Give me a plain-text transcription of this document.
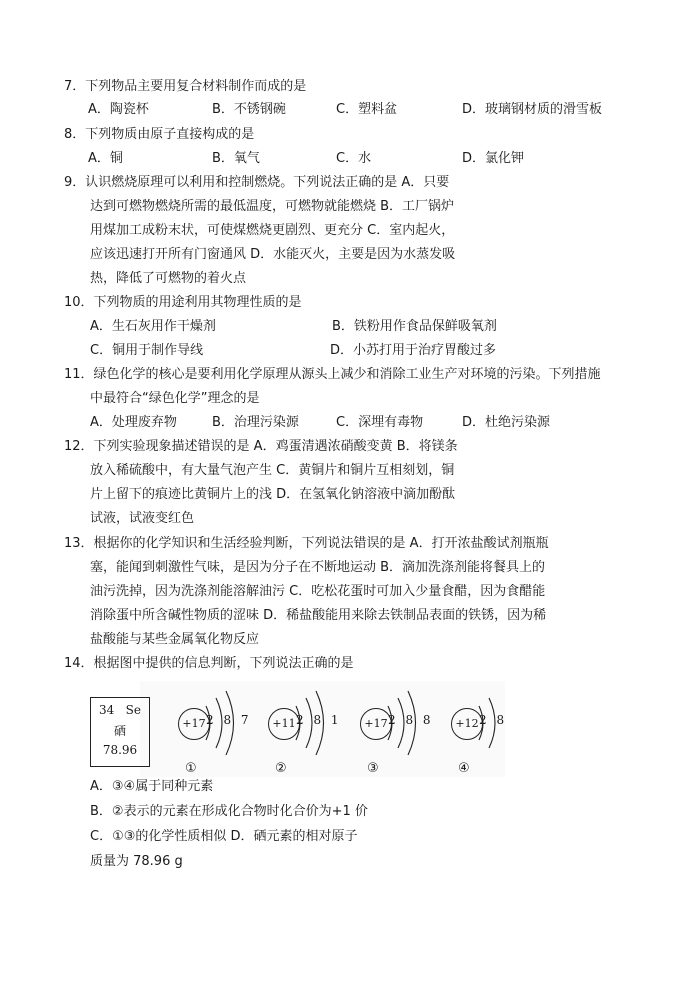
7．下列物品主要用复合材料制作而成的是
A．陶瓷杯	B．不锈钢碗	C．塑料盆	D．玻璃钢材质的滑雪板
8．下列物质由原子直接构成的是
A．铜	B．氧气	C．水	D．氯化钾
9．认识燃烧原理可以利用和控制燃烧。下列说法正确的是 A．只要
达到可燃物燃烧所需的最低温度，可燃物就能燃烧 B．工厂锅炉
用煤加工成粉末状，可使煤燃烧更剧烈、更充分 C．室内起火，
应该迅速打开所有门窗通风 D．水能灭火，主要是因为水蒸发吸
热，降低了可燃物的着火点
10．下列物质的用途利用其物理性质的是
A．生石灰用作干燥剂	B．铁粉用作食品保鲜吸氧剂
C．铜用于制作导线	D．小苏打用于治疗胃酸过多
11．绿色化学的核心是要利用化学原理从源头上减少和消除工业生产对环境的污染。下列措施
中最符合“绿色化学”理念的是
A．处理废弃物	B．治理污染源	C．深埋有毒物	D．杜绝污染源
12．下列实验现象描述错误的是 A．鸡蛋清遇浓硝酸变黄 B．将镁条
放入稀硫酸中，有大量气泡产生 C．黄铜片和铜片互相刻划，铜
片上留下的痕迹比黄铜片上的浅 D．在氢氧化钠溶液中滴加酚酞
试液，试液变红色
13．根据你的化学知识和生活经验判断，下列说法错误的是 A．打开浓盐酸试剂瓶瓶
塞，能闻到刺激性气味，是因为分子在不断地运动 B．滴加洗涤剂能将餐具上的
油污洗掉，因为洗涤剂能溶解油污 C．吃松花蛋时可加入少量食醋，因为食醋能
消除蛋中所含碱性物质的涩味 D．稀盐酸能用来除去铁制品表面的铁锈，因为稀
盐酸能与某些金属氧化物反应
14．根据图中提供的信息判断，下列说法正确的是
34 Se
硒
78.96
+17 2 8 7
①
+11 2 8 1
②
+17 2 8 8
③
+12 2 8
④
A．③④属于同种元素
B．②表示的元素在形成化合物时化合价为+1 价
C．①③的化学性质相似 D．硒元素的相对原子
质量为 78.96 g
